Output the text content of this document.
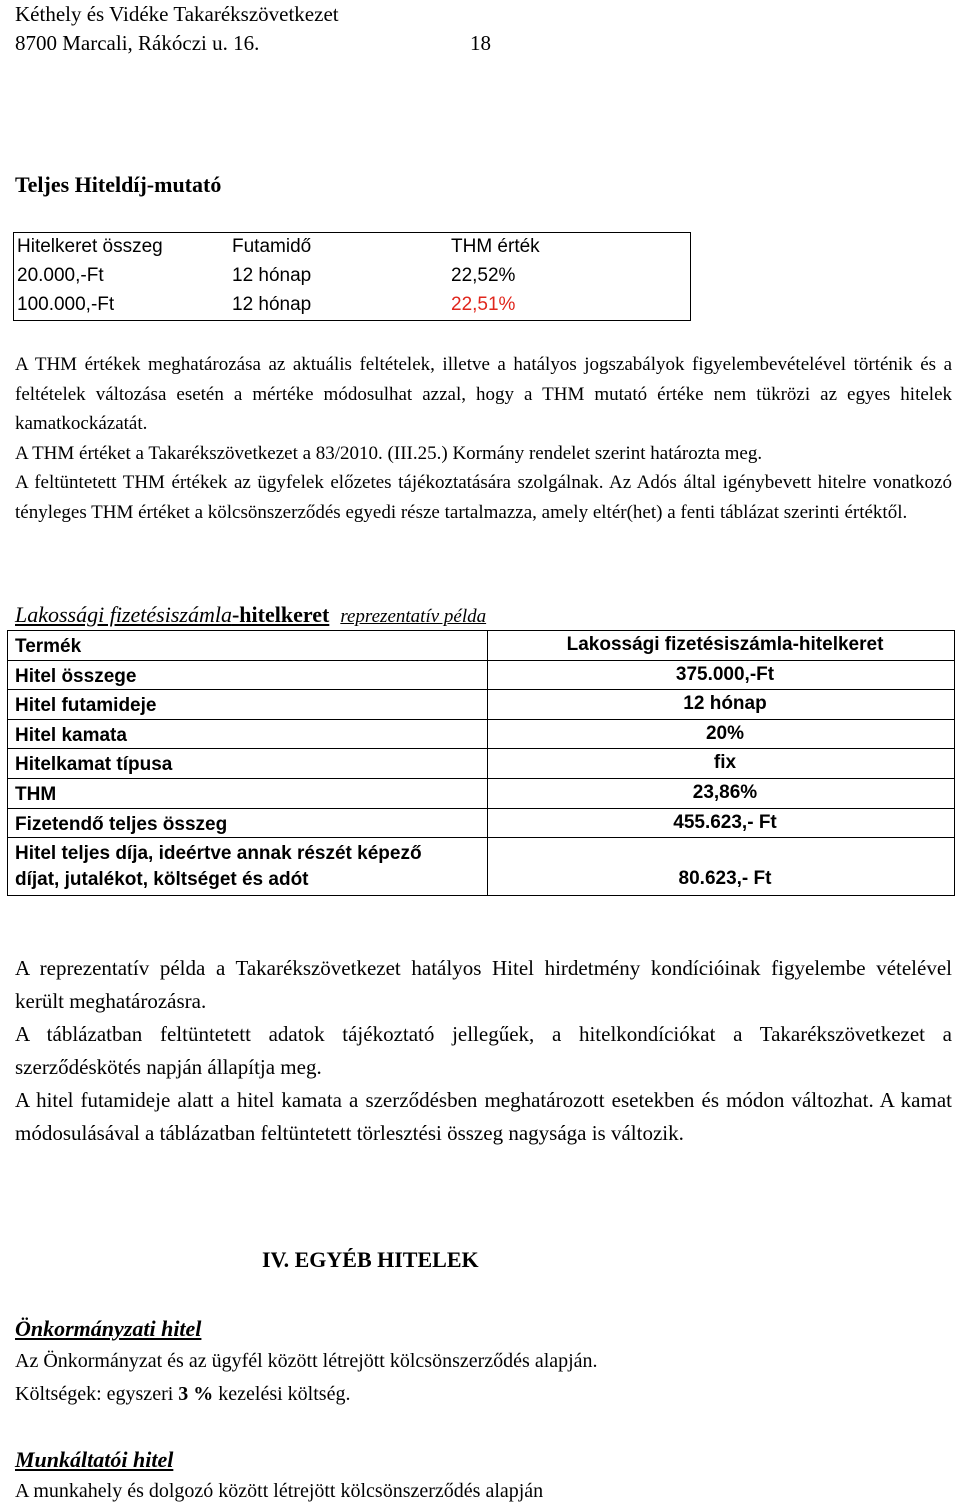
Kéthely és Vidéke Takarékszövetkezet
8700 Marcali, Rákóczi u. 16.	18
Teljes Hiteldíj-mutató
Hitelkeret összeg	Futamidő	THM érték
20.000,-Ft	12 hónap	22,52%
100.000,-Ft	12 hónap	22,51%
A THM értékek meghatározása az aktuális feltételek, illetve a hatályos jogszabályok figyelembevételével történik és a feltételek változása esetén a mértéke módosulhat azzal, hogy a THM mutató értéke nem tükrözi az egyes hitelek kamatkockázatát.
A THM értéket a Takarékszövetkezet a 83/2010. (III.25.) Kormány rendelet szerint határozta meg.
A feltüntetett THM értékek az ügyfelek előzetes tájékoztatására szolgálnak. Az Adós által igénybevett hitelre vonatkozó tényleges THM értéket a kölcsönszerződés egyedi része tartalmazza, amely eltér(het) a fenti táblázat szerinti értéktől.
Lakossági fizetésiszámla-hitelkeret reprezentatív példa
Termék	Lakossági fizetésiszámla-hitelkeret
Hitel összege	375.000,-Ft
Hitel futamideje	12 hónap
Hitel kamata	20%
Hitelkamat típusa	fix
THM	23,86%
Fizetendő teljes összeg	455.623,- Ft
Hitel teljes díja, ideértve annak részét képező
díjat, jutalékot, költséget és adót	80.623,- Ft
A reprezentatív példa a Takarékszövetkezet hatályos Hitel hirdetmény kondícióinak figyelembe vételével került meghatározásra.
A táblázatban feltüntetett adatok tájékoztató jellegűek, a hitelkondíciókat a Takarékszövetkezet a szerződéskötés napján állapítja meg.
A hitel futamideje alatt a hitel kamata a szerződésben meghatározott esetekben és módon változhat. A kamat módosulásával a táblázatban feltüntetett törlesztési összeg nagysága is változik.
IV. EGYÉB HITELEK
Önkormányzati hitel
Az Önkormányzat és az ügyfél között létrejött kölcsönszerződés alapján.
Költségek: egyszeri 3 % kezelési költség.
Munkáltatói hitel
A munkahely és dolgozó között létrejött kölcsönszerződés alapján
